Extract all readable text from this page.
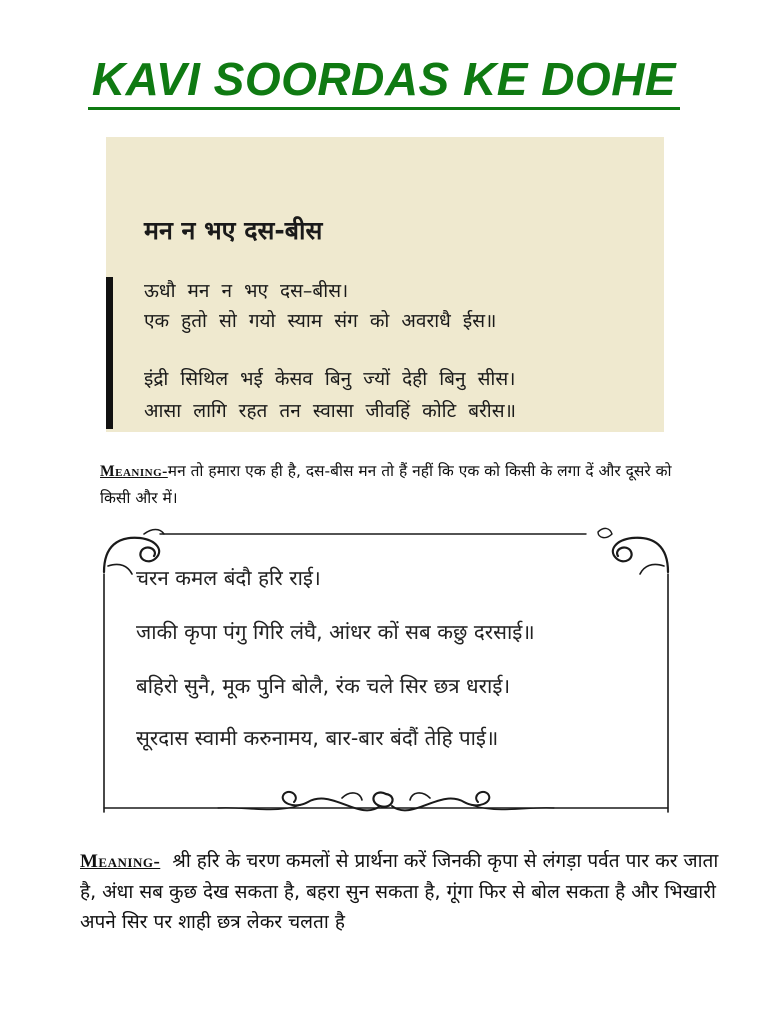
KAVI SOORDAS KE DOHE
मन न भए दस-बीस
ऊधौ मन न भए दस–बीस।
एक हुतो सो गयो स्याम संग को अवराधै ईस॥
इंद्री सिथिल भई केसव बिनु ज्यों देही बिनु सीस।
आसा लागि रहत तन स्वासा जीवहिं कोटि बरीस॥
Meaning-मन तो हमारा एक ही है, दस-बीस मन तो हैं नहीं कि एक को किसी के लगा दें और दूसरे को किसी और में।
चरन कमल बंदौ हरि राई।
जाकी कृपा पंगु गिरि लंघै, आंधर कों सब कछु दरसाई॥
बहिरो सुनै, मूक पुनि बोलै, रंक चले सिर छत्र धराई।
सूरदास स्वामी करुनामय, बार-बार बंदौं तेहि पाई॥
Meaning- श्री हरि के चरण कमलों से प्रार्थना करें जिनकी कृपा से लंगड़ा पर्वत पार कर जाता है, अंधा सब कुछ देख सकता है, बहरा सुन सकता है, गूंगा फिर से बोल सकता है और भिखारी अपने सिर पर शाही छत्र लेकर चलता है
